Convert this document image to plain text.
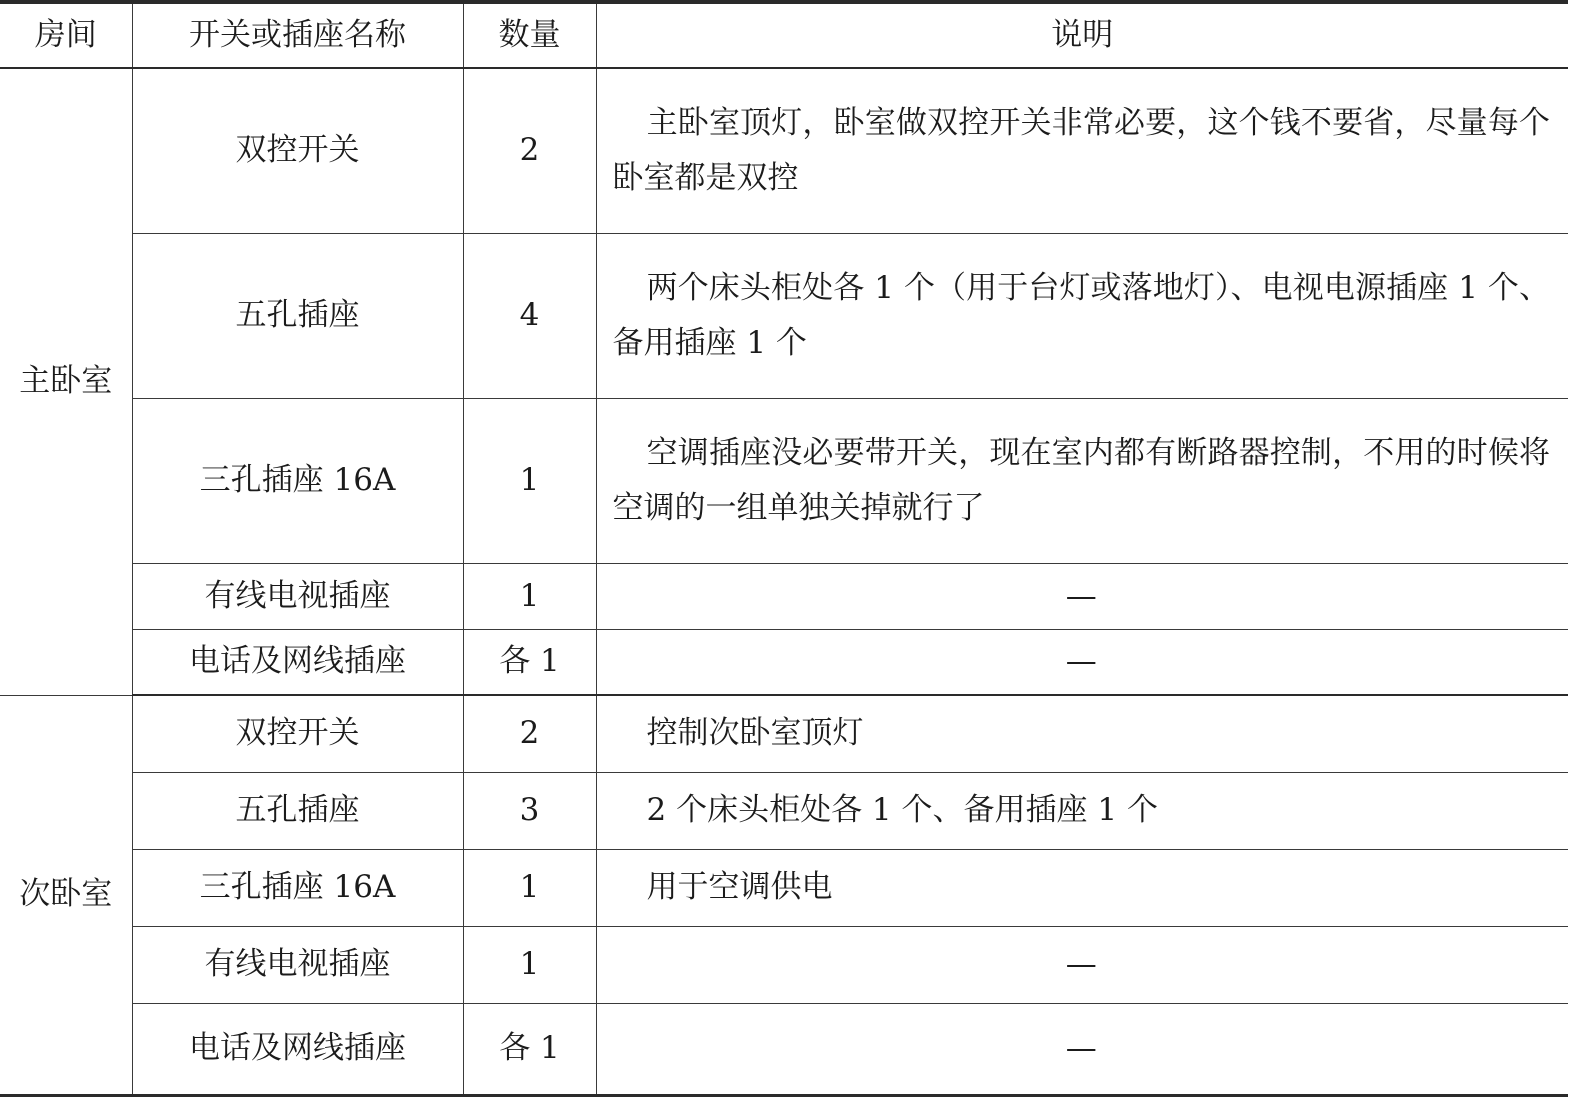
房间	开关或插座名称	数量	说明
主卧室	双控开关	2	主卧室顶灯，卧室做双控开关非常必要，这个钱不要省，尽量每个卧室都是双控
	五孔插座	4	两个床头柜处各 1 个（用于台灯或落地灯）、电视电源插座 1 个、备用插座 1 个
	三孔插座 16A	1	空调插座没必要带开关，现在室内都有断路器控制，不用的时候将空调的一组单独关掉就行了
	有线电视插座	1	—
	电话及网线插座	各 1	—
次卧室	双控开关	2	控制次卧室顶灯
	五孔插座	3	2 个床头柜处各 1 个、备用插座 1 个
	三孔插座 16A	1	用于空调供电
	有线电视插座	1	—
	电话及网线插座	各 1	—
